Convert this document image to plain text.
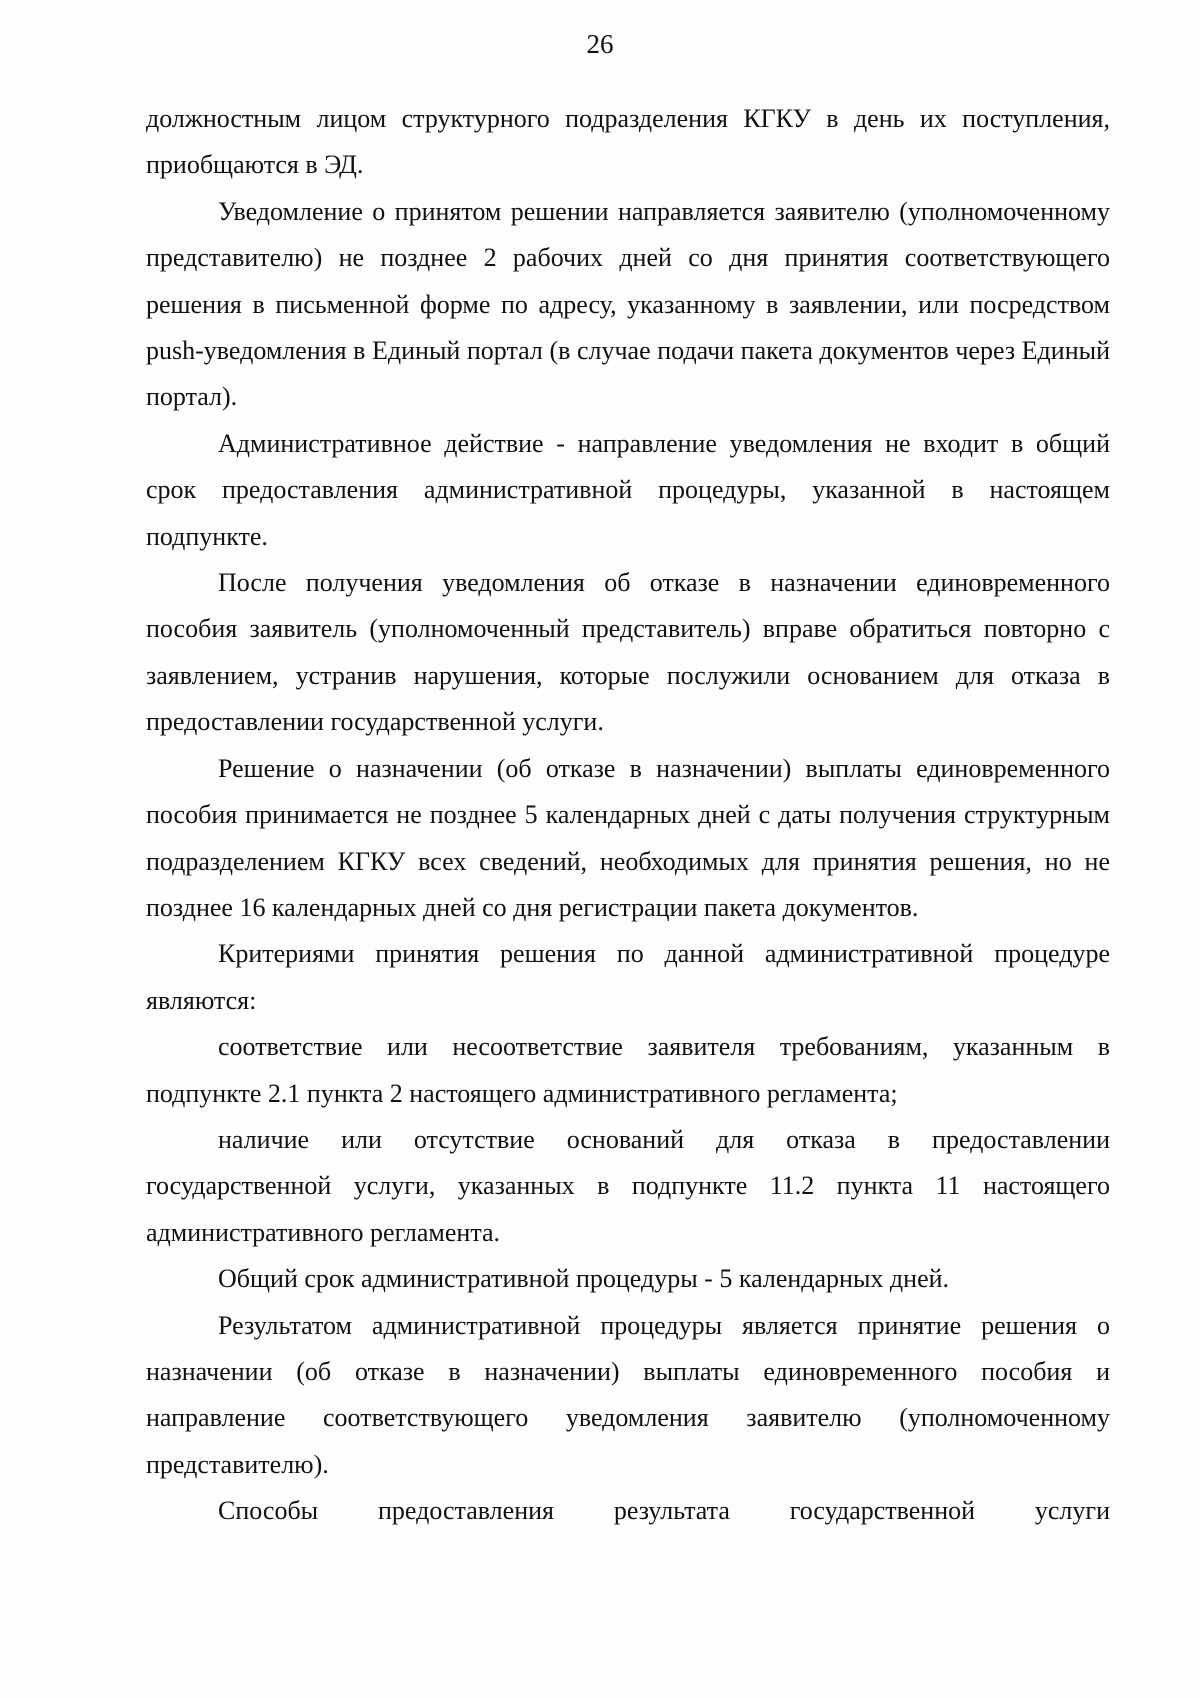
26

должностным лицом структурного подразделения КГКУ в день их поступления, приобщаются в ЭД.

Уведомление о принятом решении направляется заявителю (уполномоченному представителю) не позднее 2 рабочих дней со дня принятия соответствующего решения в письменной форме по адресу, указанному в заявлении, или посредством push-уведомления в Единый портал (в случае подачи пакета документов через Единый портал).

Административное действие - направление уведомления не входит в общий срок предоставления административной процедуры, указанной в настоящем подпункте.

После получения уведомления об отказе в назначении единовременного пособия заявитель (уполномоченный представитель) вправе обратиться повторно с заявлением, устранив нарушения, которые послужили основанием для отказа в предоставлении государственной услуги.

Решение о назначении (об отказе в назначении) выплаты единовременного пособия принимается не позднее 5 календарных дней с даты получения структурным подразделением КГКУ всех сведений, необходимых для принятия решения, но не позднее 16 календарных дней со дня регистрации пакета документов.

Критериями принятия решения по данной административной процедуре являются:

соответствие или несоответствие заявителя требованиям, указанным в подпункте 2.1 пункта 2 настоящего административного регламента;

наличие или отсутствие оснований для отказа в предоставлении государственной услуги, указанных в подпункте 11.2 пункта 11 настоящего административного регламента.

Общий срок административной процедуры - 5 календарных дней.

Результатом административной процедуры является принятие решения о назначении (об отказе в назначении) выплаты единовременного пособия и направление соответствующего уведомления заявителю (уполномоченному представителю).

Способы предоставления результата государственной услуги
